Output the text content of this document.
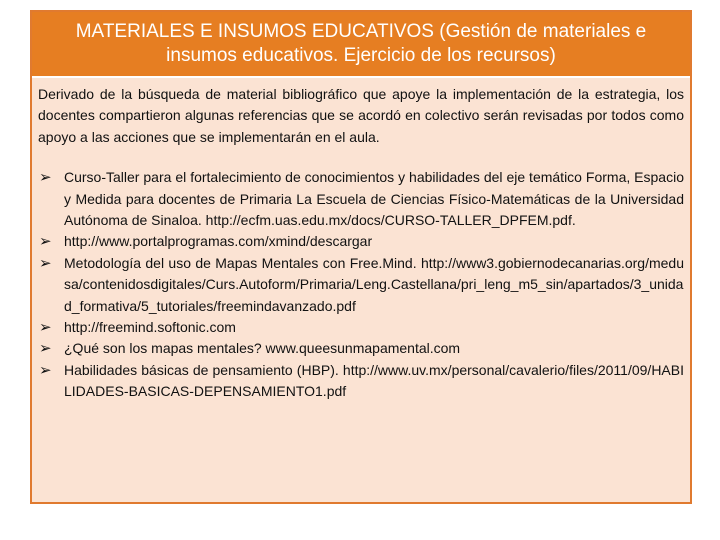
MATERIALES E INSUMOS EDUCATIVOS (Gestión de materiales e insumos educativos. Ejercicio de los recursos)

Derivado de la búsqueda de material bibliográfico que apoye la implementación de la estrategia, los docentes compartieron algunas referencias que se acordó en colectivo serán revisadas por todos como apoyo a las acciones que se implementarán en el aula.

➢ Curso-Taller para el fortalecimiento de conocimientos y habilidades del eje temático Forma, Espacio y Medida para docentes de Primaria La Escuela de Ciencias Físico-Matemáticas de la Universidad Autónoma de Sinaloa. http://ecfm.uas.edu.mx/docs/CURSO-TALLER_DPFEM.pdf.
➢ http://www.portalprogramas.com/xmind/descargar
➢ Metodología del uso de Mapas Mentales con Free.Mind. http://www3.gobiernodecanarias.org/medusa/contenidosdigitales/Curs.Autoform/Primaria/Leng.Castellana/pri_leng_m5_sin/apartados/3_unidad_formativa/5_tutoriales/freemindavanzado.pdf
➢ http://freemind.softonic.com
➢ ¿Qué son los mapas mentales? www.queesunmapamental.com
➢ Habilidades básicas de pensamiento (HBP). http://www.uv.mx/personal/cavalerio/files/2011/09/HABILIDADES-BASICAS-DEPENSAMIENTO1.pdf
